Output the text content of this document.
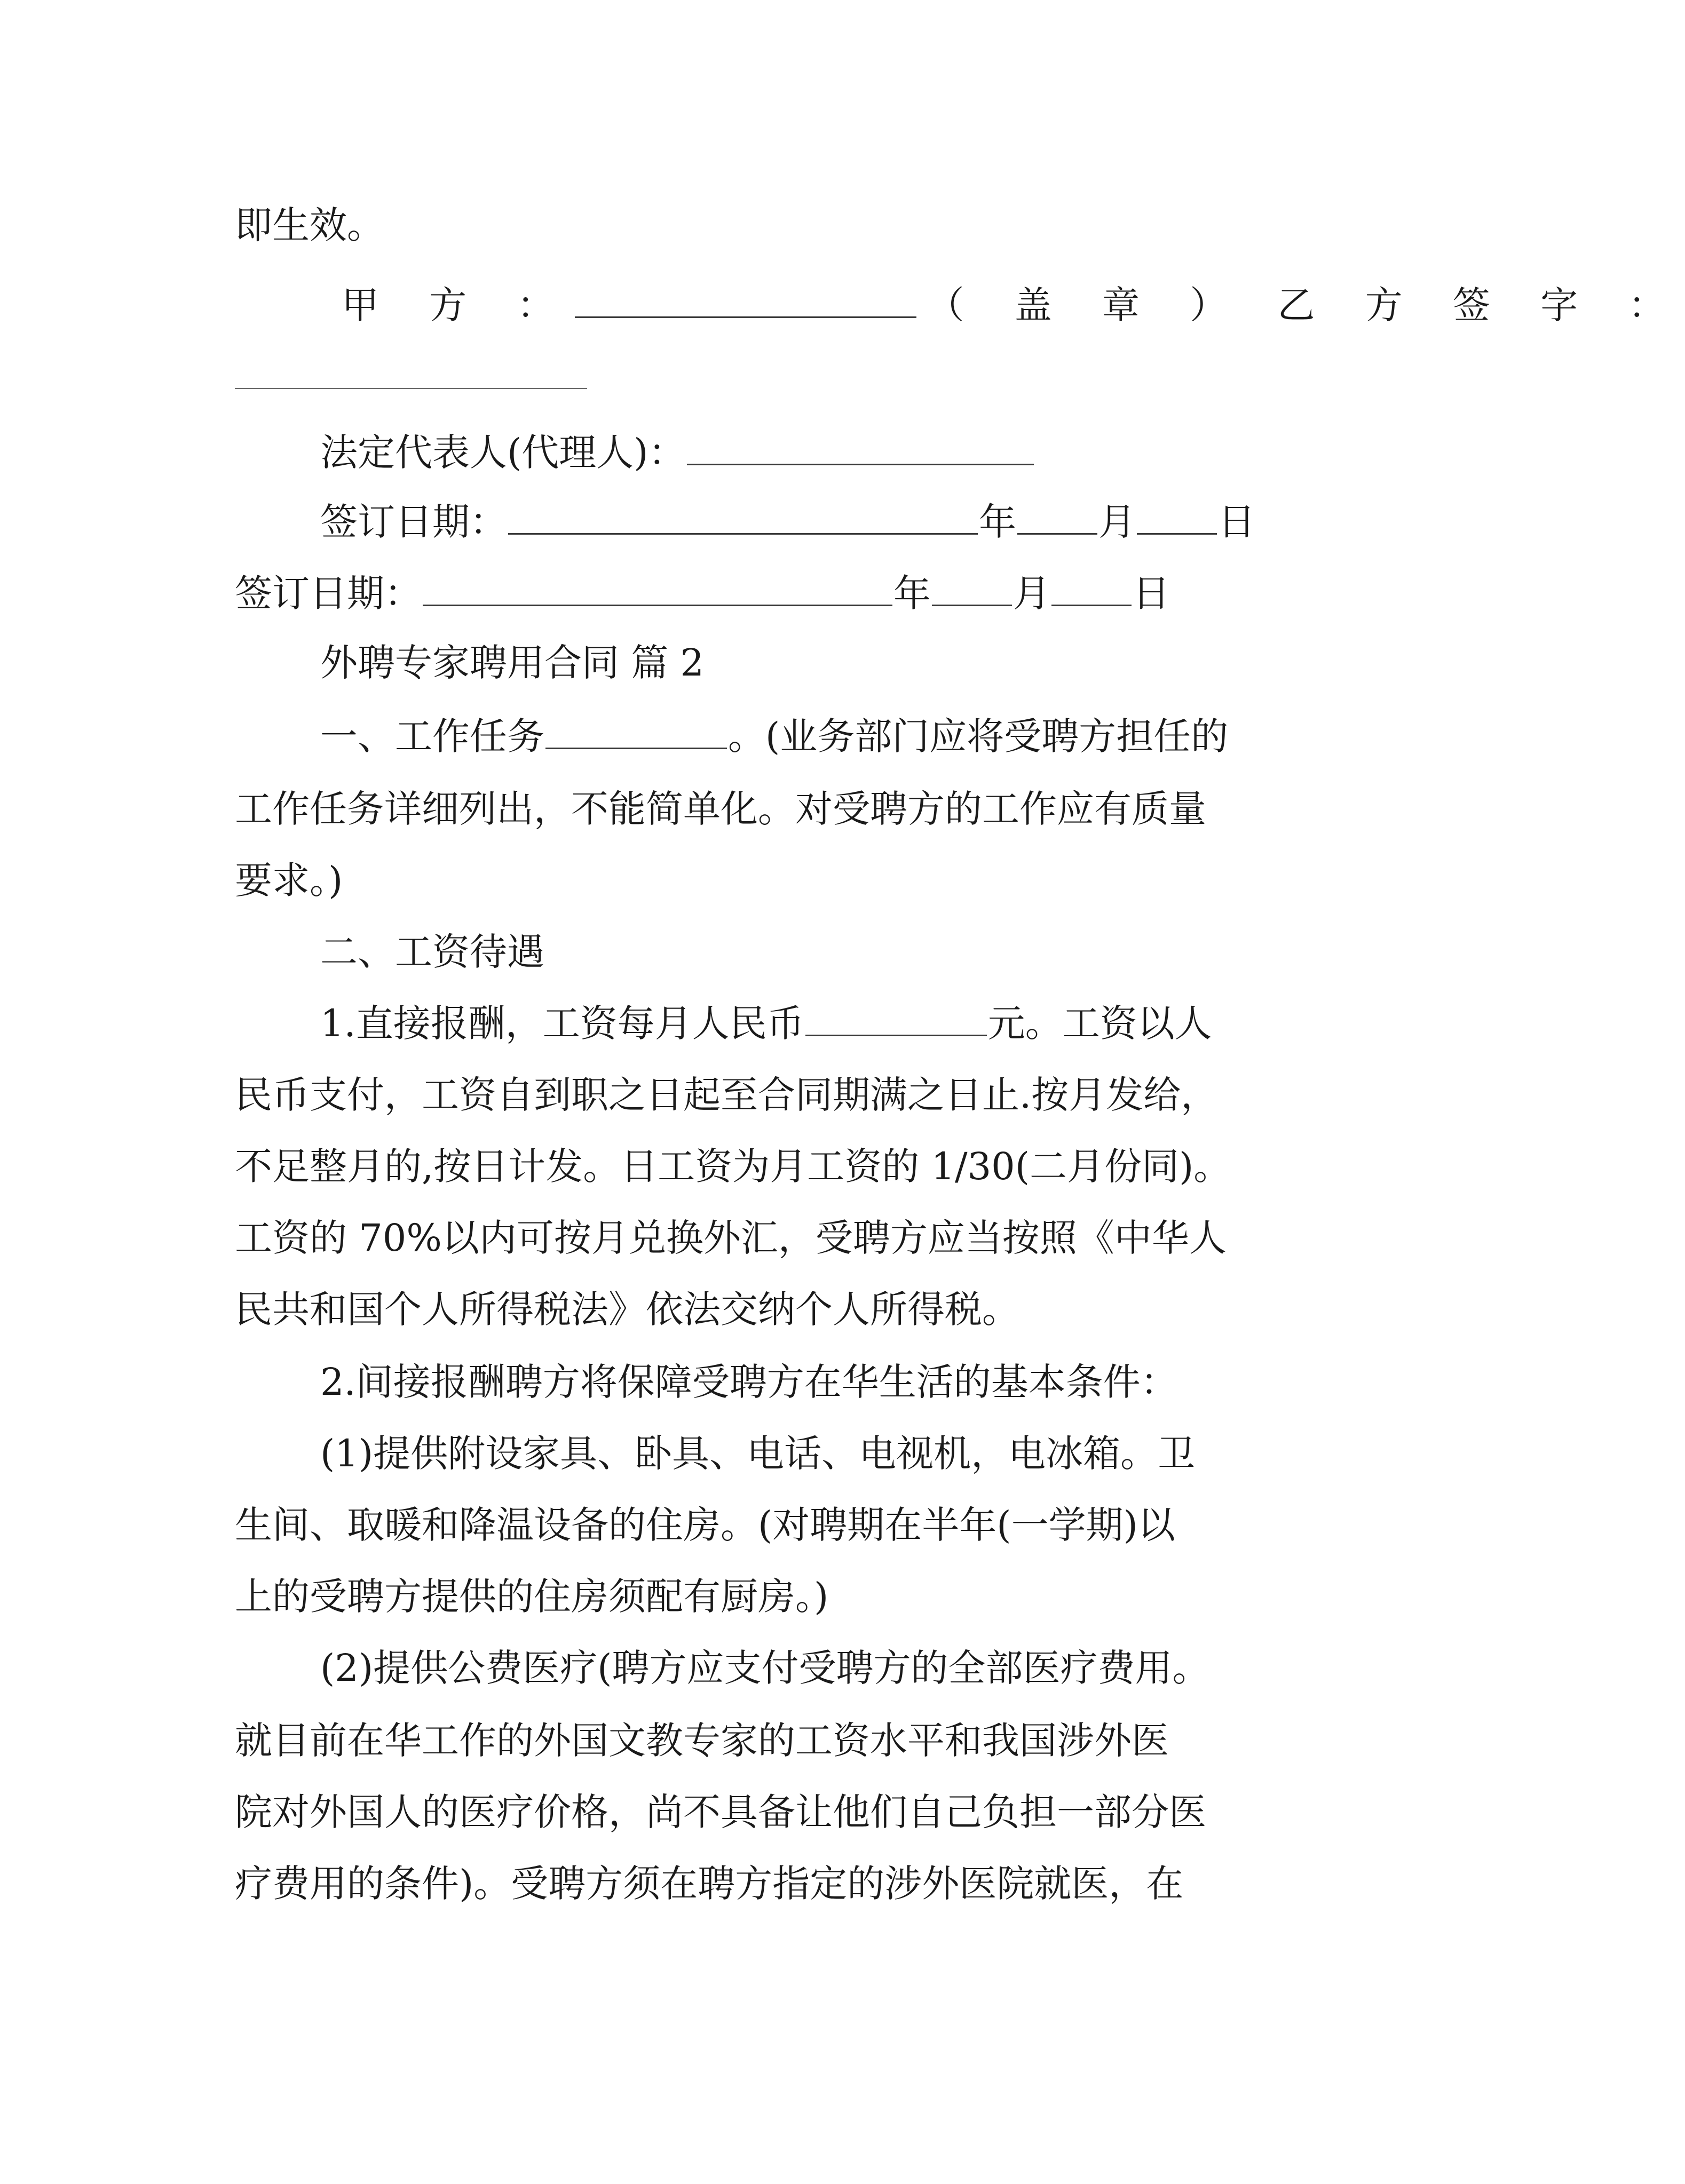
即生效。
甲 方 ：	（ 盖 章 ） 乙 方 签 字 ：
法定代表人(代理人)：
签订日期：	年 月 日
签订日期：	年 月 日
外聘专家聘用合同 篇 2
一、工作任务	。(业务部门应将受聘方担任的
工作任务详细列出，不能简单化。对受聘方的工作应有质量
要求。)
二、工资待遇
1.直接报酬，工资每月人民币	元。工资以人
民币支付，工资自到职之日起至合同期满之日止.按月发给，
不足整月的,按日计发。日工资为月工资的 1/30(二月份同)。
工资的 70%以内可按月兑换外汇，受聘方应当按照《中华人
民共和国个人所得税法》依法交纳个人所得税。
2.间接报酬聘方将保障受聘方在华生活的基本条件：
(1)提供附设家具、卧具、电话、电视机，电冰箱。卫
生间、取暖和降温设备的住房。(对聘期在半年(一学期)以
上的受聘方提供的住房须配有厨房。)
(2)提供公费医疗(聘方应支付受聘方的全部医疗费用。
就目前在华工作的外国文教专家的工资水平和我国涉外医
院对外国人的医疗价格，尚不具备让他们自己负担一部分医
疗费用的条件)。受聘方须在聘方指定的涉外医院就医，在
